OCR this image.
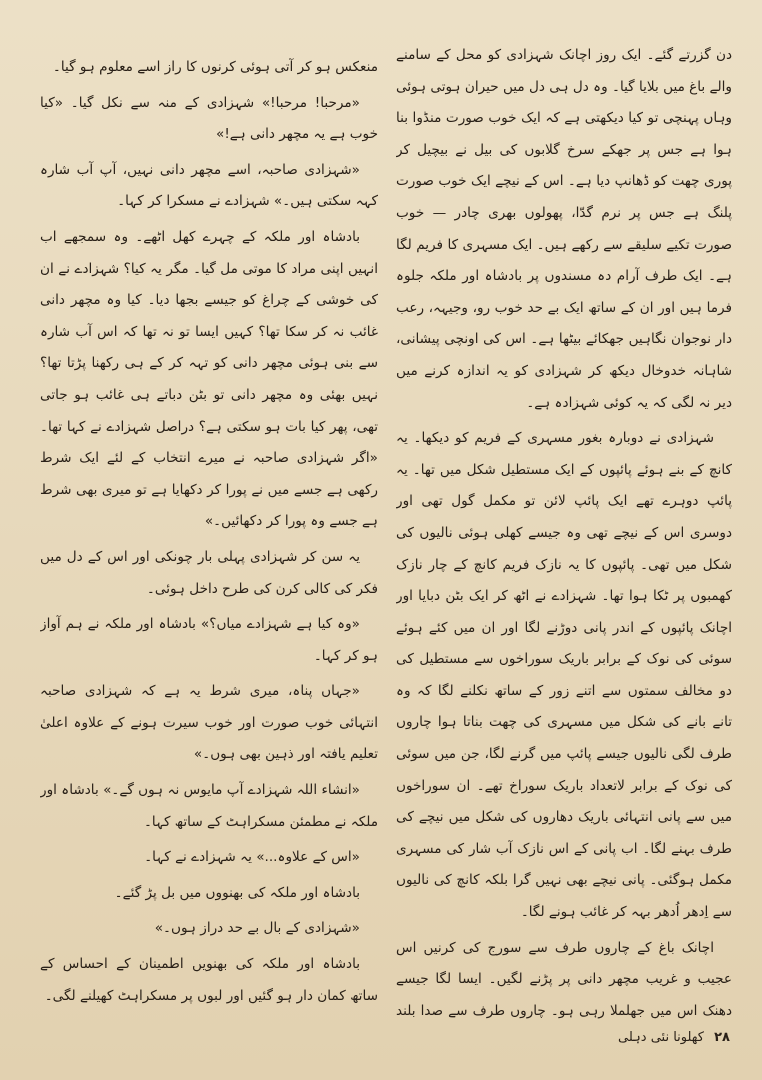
دن گزرتے گئے۔ ایک روز اچانک شہزادی کو محل کے سامنے والے باغ میں بلایا گیا۔ وہ دل ہی دل میں حیران ہوتی ہوئی وہاں پہنچی تو کیا دیکھتی ہے کہ ایک خوب صورت منڈوا بنا ہوا ہے جس پر جھکے سرخ گلابوں کی بیل نے بیچیل کر پوری چھت کو ڈھانپ دیا ہے۔ اس کے نیچے ایک خوب صورت پلنگ ہے جس پر نرم گدّا، پھولوں بھری چادر — خوب صورت تکیے سلیقے سے رکھے ہیں۔ ایک مسہری کا فریم لگا ہے۔ ایک طرف آرام دہ مسندوں پر بادشاہ اور ملکہ جلوہ فرما ہیں اور ان کے ساتھ ایک بے حد خوب رو، وجیہہ، رعب دار نوجوان نگاہیں جھکائے بیٹھا ہے۔ اس کی اونچی پیشانی، شاہانہ خدوخال دیکھ کر شہزادی کو یہ اندازہ کرنے میں دیر نہ لگی کہ یہ کوئی شہزادہ ہے۔

شہزادی نے دوبارہ بغور مسہری کے فریم کو دیکھا۔ یہ کانچ کے بنے ہوئے پائپوں کے ایک مستطیل شکل میں تھا۔ یہ پائپ دوہرے تھے ایک پائپ لائن تو مکمل گول تھی اور دوسری اس کے نیچے تھی وہ جیسے کھلی ہوئی نالیوں کی شکل میں تھی۔ پائپوں کا یہ نازک فریم کانچ کے چار نازک کھمبوں پر ٹکا ہوا تھا۔ شہزادے نے اٹھ کر ایک بٹن دبایا اور اچانک پائپوں کے اندر پانی دوڑنے لگا اور ان میں کئے ہوئے سوئی کی نوک کے برابر باریک سوراخوں سے مستطیل کی دو مخالف سمتوں سے اتنے زور کے ساتھ نکلنے لگا کہ وہ تانے بانے کی شکل میں مسہری کی چھت بناتا ہوا چاروں طرف لگی نالیوں جیسے پائپ میں گرنے لگا، جن میں سوئی کی نوک کے برابر لاتعداد باریک سوراخ تھے۔ ان سوراخوں میں سے پانی انتہائی باریک دھاروں کی شکل میں نیچے کی طرف بہنے لگا۔ اب پانی کے اس نازک آب شار کی مسہری مکمل ہوگئی۔ پانی نیچے بھی نہیں گرا بلکہ کانچ کی نالیوں سے اِدھر اُدھر بہہ کر غائب ہونے لگا۔

اچانک باغ کے چاروں طرف سے سورج کی کرنیں اس عجیب و غریب مچھر دانی پر پڑنے لگیں۔ ایسا لگا جیسے دھنک اس میں جھلملا رہی ہو۔ چاروں طرف سے صدا بلند

منعکس ہو کر آتی ہوئی کرنوں کا راز اسے معلوم ہو گیا۔

«مرحبا! مرحبا!» شہزادی کے منہ سے نکل گیا۔ «کیا خوب ہے یہ مچھر دانی ہے!»

«شہزادی صاحبہ، اسے مچھر دانی نہیں، آپ آب شارہ کہہ سکتی ہیں۔» شہزادے نے مسکرا کر کہا۔

بادشاہ اور ملکہ کے چہرے کھل اٹھے۔ وہ سمجھے اب انہیں اپنی مراد کا موتی مل گیا۔ مگر یہ کیا؟ شہزادے نے ان کی خوشی کے چراغ کو جیسے بجھا دیا۔ کیا وہ مچھر دانی غائب نہ کر سکا تھا؟ کہیں ایسا تو نہ تھا کہ اس آب شارہ سے بنی ہوئی مچھر دانی کو تہہ کر کے ہی رکھنا پڑتا تھا؟ نہیں بھئی وہ مچھر دانی تو بٹن دباتے ہی غائب ہو جاتی تھی، پھر کیا بات ہو سکتی ہے؟ دراصل شہزادے نے کہا تھا۔ «اگر شہزادی صاحبہ نے میرے انتخاب کے لئے ایک شرط رکھی ہے جسے میں نے پورا کر دکھایا ہے تو میری بھی شرط ہے جسے وہ پورا کر دکھائیں۔»

یہ سن کر شہزادی پہلی بار چونکی اور اس کے دل میں فکر کی کالی کرن کی طرح داخل ہوئی۔

«وہ کیا ہے شہزادے میاں؟» بادشاہ اور ملکہ نے ہم آواز ہو کر کہا۔

«جہاں پناہ، میری شرط یہ ہے کہ شہزادی صاحبہ انتہائی خوب صورت اور خوب سیرت ہونے کے علاوہ اعلیٰ تعلیم یافتہ اور ذہین بھی ہوں۔»

«انشاء اللہ شہزادے آپ مایوس نہ ہوں گے۔» بادشاہ اور ملکہ نے مطمئن مسکراہٹ کے ساتھ کہا۔

«اس کے علاوہ...» یہ شہزادے نے کہا۔

بادشاہ اور ملکہ کی بھنووں میں بل پڑ گئے۔

«شہزادی کے بال بے حد دراز ہوں۔»

بادشاہ اور ملکہ کی بھنویں اطمینان کے احساس کے ساتھ کمان دار ہو گئیں اور لبوں پر مسکراہٹ کھیلنے لگی۔

۲۸ کھلونا نئی دہلی
